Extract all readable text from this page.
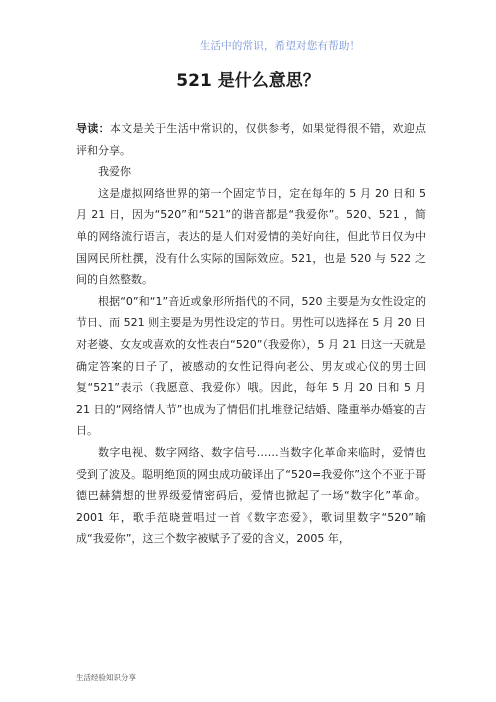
生活中的常识，希望对您有帮助！
521 是什么意思？

导读：本文是关于生活中常识的，仅供参考，如果觉得很不错，欢迎点评和分享。

我爱你

这是虚拟网络世界的第一个固定节日，定在每年的 5 月 20 日和 5 月 21 日，因为“520”和“521”的谐音都是“我爱你”。520、521 ，简单的网络流行语言，表达的是人们对爱情的美好向往，但此节日仅为中国网民所杜撰，没有什么实际的国际效应。521，也是 520 与 522 之间的自然整数。

根据“0”和“1”音近或象形所指代的不同，520 主要是为女性设定的节日、而 521 则主要是为男性设定的节日。男性可以选择在 5 月 20 日对老婆、女友或喜欢的女性表白“520”（我爱你），5 月 21 日这一天就是确定答案的日子了，被感动的女性记得向老公、男友或心仪的男士回复“521”表示（我愿意、我爱你）哦。因此，每年 5 月 20 日和 5 月 21 日的“网络情人节”也成为了情侣们扎堆登记结婚、隆重举办婚宴的吉日。

数字电视、数字网络、数字信号……当数字化革命来临时，爱情也受到了波及。聪明绝顶的网虫成功破译出了“520=我爱你”这个不亚于哥德巴赫猜想的世界级爱情密码后，爱情也掀起了一场“数字化”革命。2001 年，歌手范晓萱唱过一首《数字恋爱》，歌词里数字“520”喻成“我爱你”，这三个数字被赋予了爱的含义，2005 年，

生活经验知识分享
